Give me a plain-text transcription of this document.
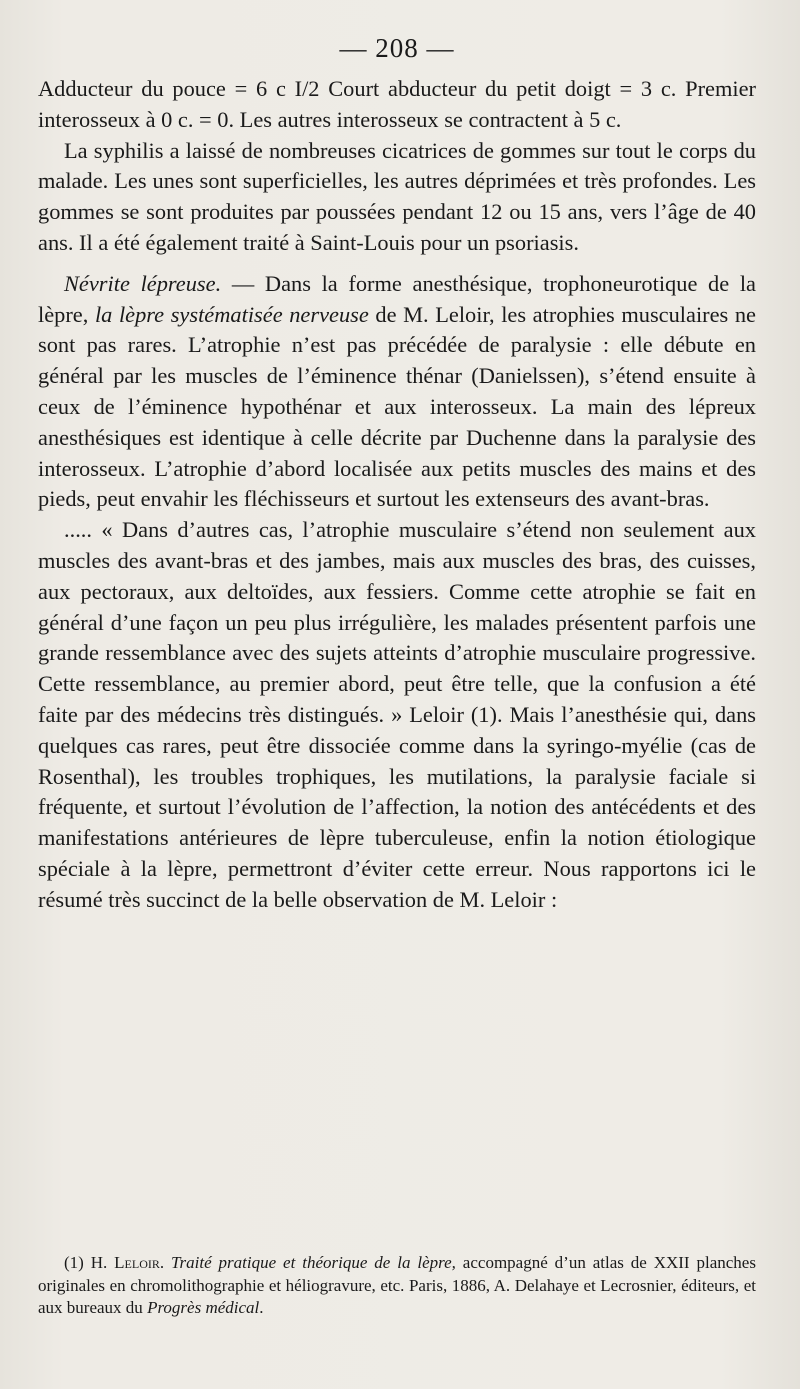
— 208 —

Adducteur du pouce = 6 c I/2 Court abducteur du petit doigt = 3 c. Premier interosseux à 0 c. = 0. Les autres interosseux se contractent à 5 c.

La syphilis a laissé de nombreuses cicatrices de gommes sur tout le corps du malade. Les unes sont superficielles, les autres déprimées et très profondes. Les gommes se sont produites par poussées pendant 12 ou 15 ans, vers l’âge de 40 ans. Il a été également traité à Saint-Louis pour un psoriasis.

Névrite lépreuse. — Dans la forme anesthésique, trophoneurotique de la lèpre, la lèpre systématisée nerveuse de M. Leloir, les atrophies musculaires ne sont pas rares. L’atrophie n’est pas précédée de paralysie : elle débute en général par les muscles de l’éminence thénar (Danielssen), s’étend ensuite à ceux de l’éminence hypothénar et aux interosseux. La main des lépreux anesthésiques est identique à celle décrite par Duchenne dans la paralysie des interosseux. L’atrophie d’abord localisée aux petits muscles des mains et des pieds, peut envahir les fléchisseurs et surtout les extenseurs des avant-bras.

..... « Dans d’autres cas, l’atrophie musculaire s’étend non seulement aux muscles des avant-bras et des jambes, mais aux muscles des bras, des cuisses, aux pectoraux, aux deltoïdes, aux fessiers. Comme cette atrophie se fait en général d’une façon un peu plus irrégulière, les malades présentent parfois une grande ressemblance avec des sujets atteints d’atrophie musculaire progressive. Cette ressemblance, au premier abord, peut être telle, que la confusion a été faite par des médecins très distingués. » Leloir (1). Mais l’anesthésie qui, dans quelques cas rares, peut être dissociée comme dans la syringo-myélie (cas de Rosenthal), les troubles trophiques, les mutilations, la paralysie faciale si fréquente, et surtout l’évolution de l’affection, la notion des antécédents et des manifestations antérieures de lèpre tuberculeuse, enfin la notion étiologique spéciale à la lèpre, permettront d’éviter cette erreur. Nous rapportons ici le résumé très succinct de la belle observation de M. Leloir :

(1) H. Leloir. Traité pratique et théorique de la lèpre, accompagné d’un atlas de XXII planches originales en chromolithographie et héliogravure, etc. Paris, 1886, A. Delahaye et Lecrosnier, éditeurs, et aux bureaux du Progrès médical.
